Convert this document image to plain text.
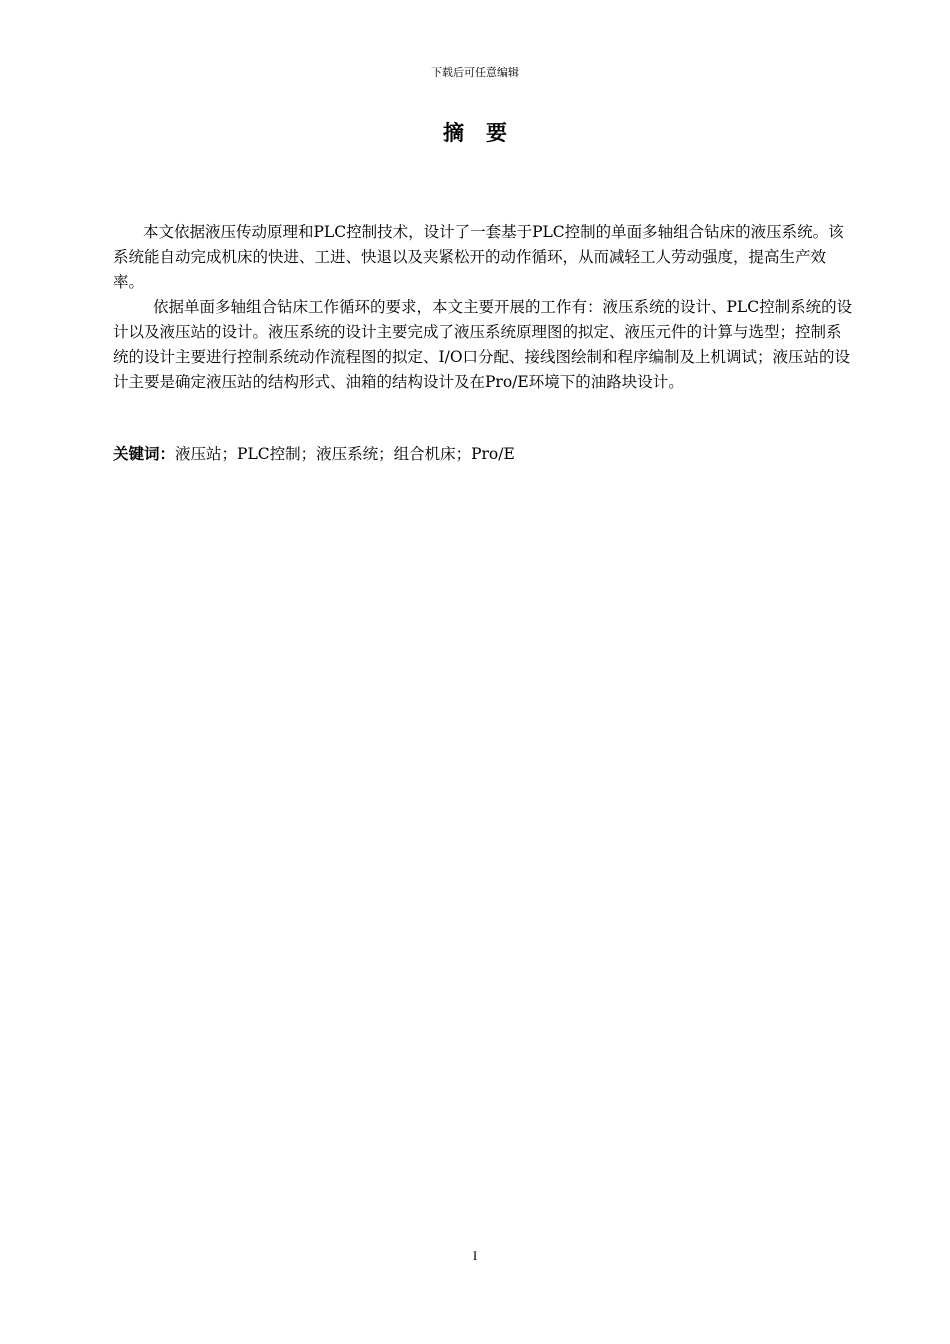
下载后可任意编辑
摘要

本文依据液压传动原理和PLC控制技术，设计了一套基于PLC控制的单面多轴组合钻床的液压系统。该系统能自动完成机床的快进、工进、快退以及夹紧松开的动作循环，从而减轻工人劳动强度，提高生产效率。

依据单面多轴组合钻床工作循环的要求，本文主要开展的工作有：液压系统的设计、PLC控制系统的设计以及液压站的设计。液压系统的设计主要完成了液压系统原理图的拟定、液压元件的计算与选型；控制系统的设计主要进行控制系统动作流程图的拟定、I/O口分配、接线图绘制和程序编制及上机调试；液压站的设计主要是确定液压站的结构形式、油箱的结构设计及在Pro/E环境下的油路块设计。

关键词：液压站；PLC控制；液压系统；组合机床；Pro/E
I
